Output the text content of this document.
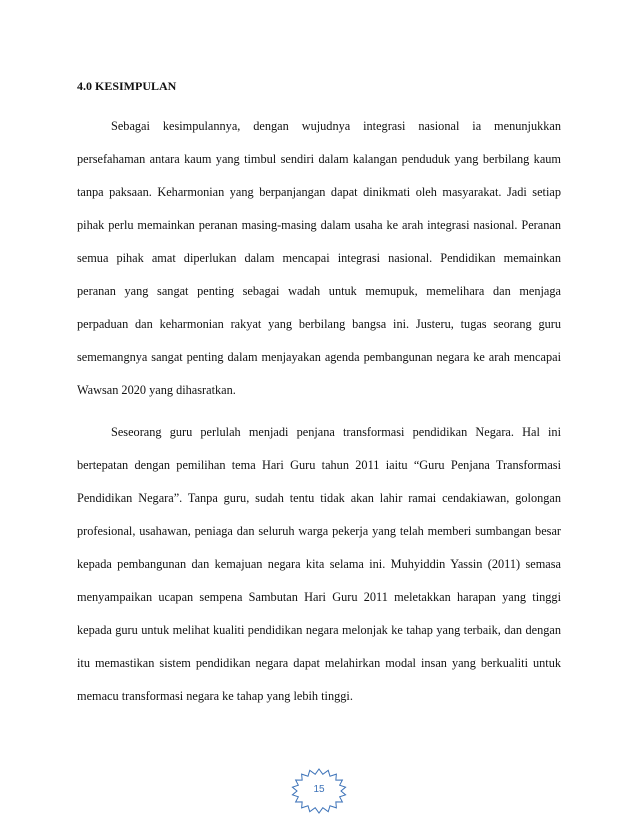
4.0 KESIMPULAN
Sebagai kesimpulannya, dengan wujudnya integrasi nasional ia menunjukkan
persefahaman antara kaum yang timbul sendiri dalam kalangan penduduk yang berbilang kaum
tanpa paksaan. Keharmonian yang berpanjangan dapat dinikmati oleh masyarakat. Jadi setiap
pihak perlu memainkan peranan masing-masing dalam usaha ke arah integrasi nasional. Peranan
semua pihak amat diperlukan dalam mencapai integrasi nasional. Pendidikan memainkan
peranan yang sangat penting sebagai wadah untuk memupuk, memelihara dan menjaga
perpaduan dan keharmonian rakyat yang berbilang bangsa ini. Justeru, tugas seorang guru
sememangnya sangat penting dalam menjayakan agenda pembangunan negara ke arah mencapai
Wawsan 2020 yang dihasratkan.
Seseorang guru perlulah menjadi penjana transformasi pendidikan Negara. Hal ini
bertepatan dengan pemilihan tema Hari Guru tahun 2011 iaitu “Guru Penjana Transformasi
Pendidikan Negara”. Tanpa guru, sudah tentu tidak akan lahir ramai cendakiawan, golongan
profesional, usahawan, peniaga dan seluruh warga pekerja yang telah memberi sumbangan besar
kepada pembangunan dan kemajuan negara kita selama ini. Muhyiddin Yassin (2011) semasa
menyampaikan ucapan sempena Sambutan Hari Guru 2011 meletakkan harapan yang tinggi
kepada guru untuk melihat kualiti pendidikan negara melonjak ke tahap yang terbaik, dan dengan
itu memastikan sistem pendidikan negara dapat melahirkan modal insan yang berkualiti untuk
memacu transformasi negara ke tahap yang lebih tinggi.
15
